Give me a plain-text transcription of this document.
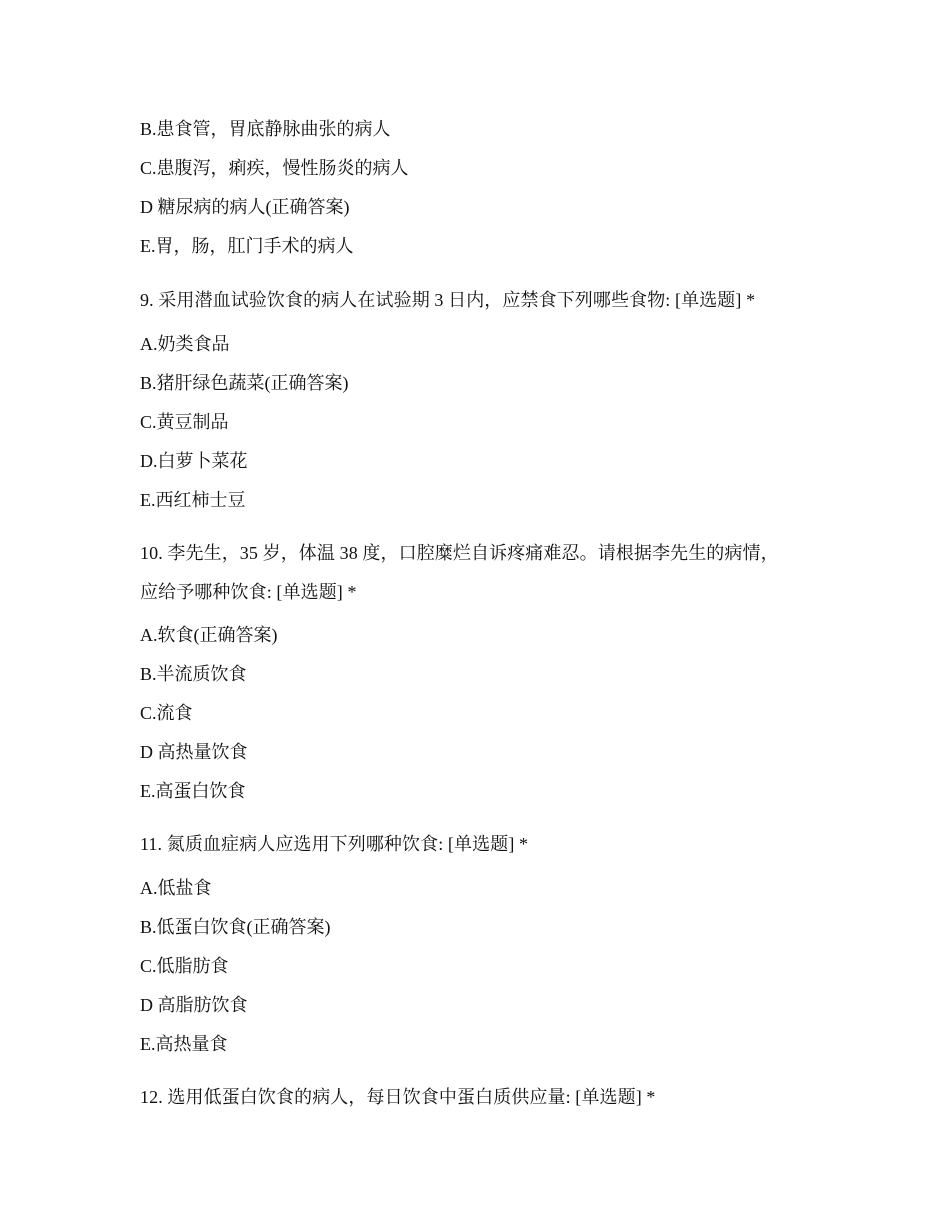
B.患食管，胃底静脉曲张的病人
C.患腹泻，痢疾，慢性肠炎的病人
D 糖尿病的病人(正确答案)
E.胃，肠，肛门手术的病人
9. 采用潜血试验饮食的病人在试验期 3 日内，应禁食下列哪些食物: [单选题] *
A.奶类食品
B.猪肝绿色蔬菜(正确答案)
C.黄豆制品
D.白萝卜菜花
E.西红柿士豆
10. 李先生，35 岁，体温 38 度，口腔糜烂自诉疼痛难忍。请根据李先生的病情，
应给予哪种饮食: [单选题] *
A.软食(正确答案)
B.半流质饮食
C.流食
D 高热量饮食
E.高蛋白饮食
11. 氮质血症病人应选用下列哪种饮食: [单选题] *
A.低盐食
B.低蛋白饮食(正确答案)
C.低脂肪食
D 高脂肪饮食
E.高热量食
12. 选用低蛋白饮食的病人，每日饮食中蛋白质供应量: [单选题] *
